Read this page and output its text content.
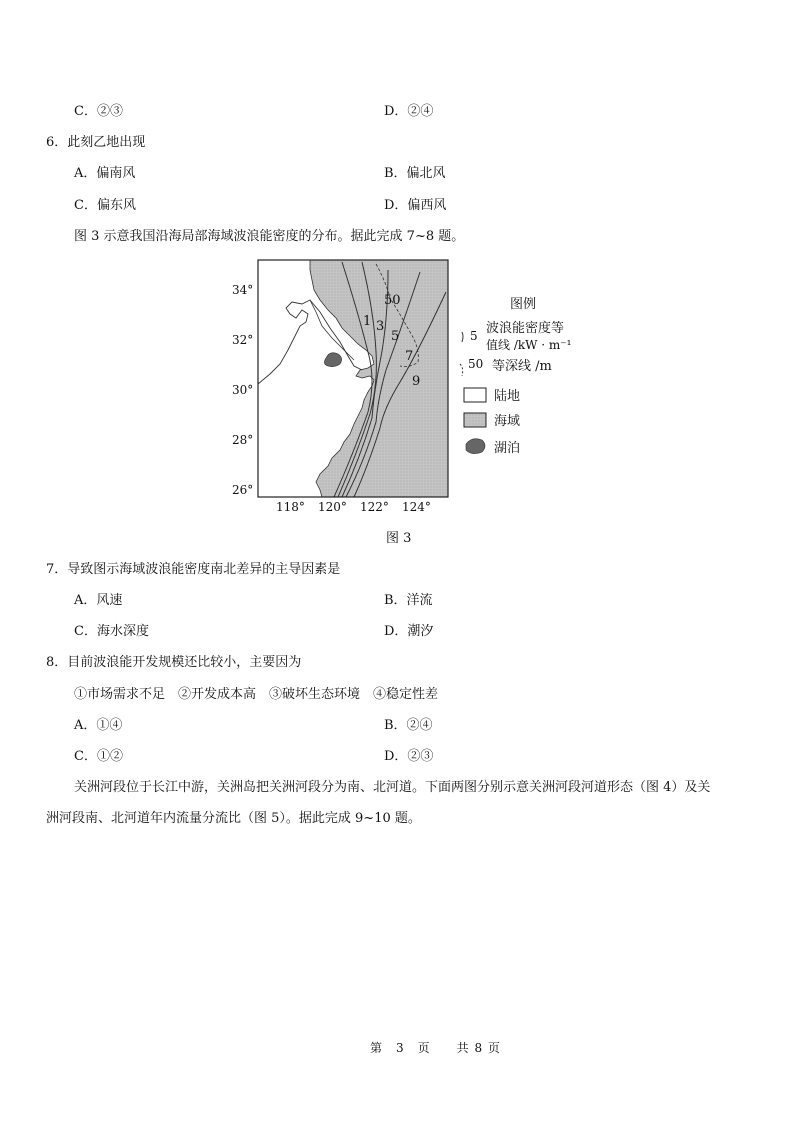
C．②③	D．②④
6．此刻乙地出现
A．偏南风	B．偏北风
C．偏东风	D．偏西风
图 3 示意我国沿海局部海域波浪能密度的分布。据此完成 7~8 题。
34°
32°
30°
28°
26°
118° 120° 122° 124°
1 3
5
7
9
50	图例
5 波浪能密度等
值线 /kW · m⁻¹
50 等深线 /m
陆地
海域
湖泊
图 3
7．导致图示海域波浪能密度南北差异的主导因素是
A．风速	B．洋流
C．海水深度	D．潮汐
8．目前波浪能开发规模还比较小，主要因为
①市场需求不足　②开发成本高　③破坏生态环境　④稳定性差
A．①④	B．②④
C．①②	D．②③
关洲河段位于长江中游，关洲岛把关洲河段分为南、北河道。下面两图分别示意关洲河段河道形态（图 4）及关
洲河段南、北河道年内流量分流比（图 5）。据此完成 9~10 题。
第　3　页　　共 8 页
